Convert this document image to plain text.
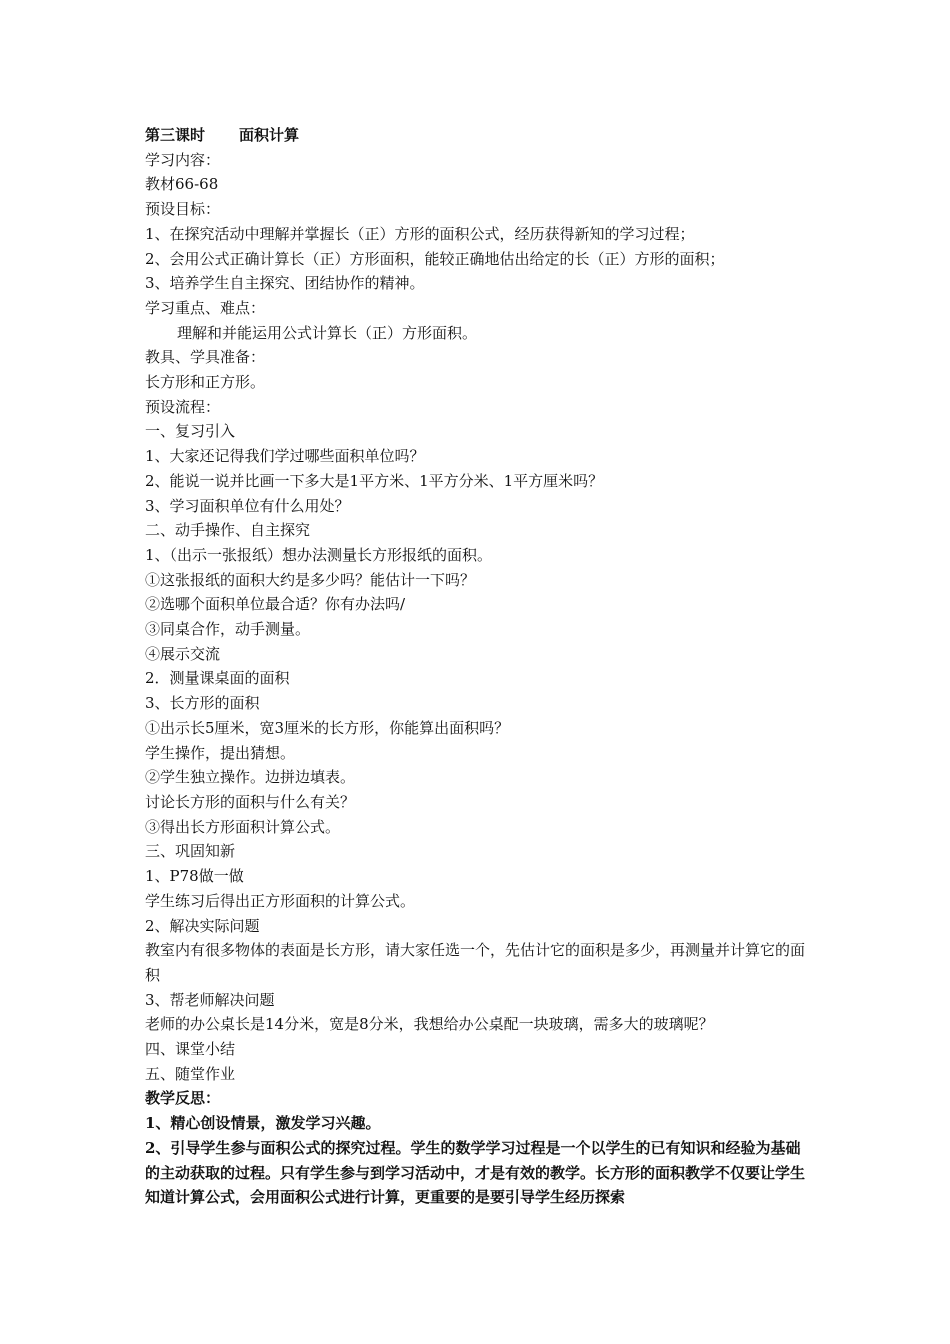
第三课时 面积计算

学习内容：

教材66-68

预设目标：

1、在探究活动中理解并掌握长（正）方形的面积公式，经历获得新知的学习过程；

2、会用公式正确计算长（正）方形面积，能较正确地估出给定的长（正）方形的面积；

3、培养学生自主探究、团结协作的精神。

学习重点、难点：

理解和并能运用公式计算长（正）方形面积。

教具、学具准备：

长方形和正方形。

预设流程：

一、复习引入

1、大家还记得我们学过哪些面积单位吗？

2、能说一说并比画一下多大是1平方米、1平方分米、1平方厘米吗？

3、学习面积单位有什么用处？

二、动手操作、自主探究

1、（出示一张报纸）想办法测量长方形报纸的面积。

①这张报纸的面积大约是多少吗？能估计一下吗？

②选哪个面积单位最合适？你有办法吗/

③同桌合作，动手测量。

④展示交流

2．测量课桌面的面积

3、长方形的面积

①出示长5厘米，宽3厘米的长方形，你能算出面积吗？

学生操作，提出猜想。

②学生独立操作。边拼边填表。

讨论长方形的面积与什么有关？

③得出长方形面积计算公式。

三、巩固知新

1、P78做一做

学生练习后得出正方形面积的计算公式。

2、解决实际问题

教室内有很多物体的表面是长方形，请大家任选一个，先估计它的面积是多少，再测量并计算它的面积

3、帮老师解决问题

老师的办公桌长是14分米，宽是8分米，我想给办公桌配一块玻璃，需多大的玻璃呢？

四、课堂小结

五、随堂作业

教学反思：

1、精心创设情景，激发学习兴趣。

2、引导学生参与面积公式的探究过程。学生的数学学习过程是一个以学生的已有知识和经验为基础的主动获取的过程。只有学生参与到学习活动中，才是有效的教学。长方形的面积教学不仅要让学生知道计算公式，会用面积公式进行计算，更重要的是要引导学生经历探索
